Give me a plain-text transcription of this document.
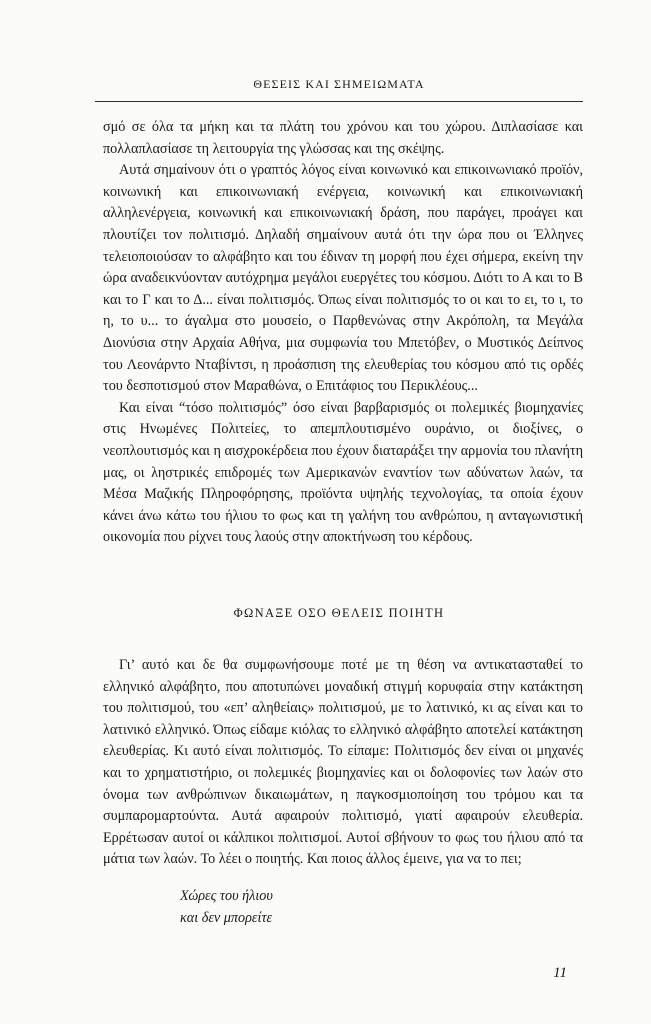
ΘΕΣΕΙΣ ΚΑΙ ΣΗΜΕΙΩΜΑΤΑ

σμό σε όλα τα μήκη και τα πλάτη του χρόνου και του χώρου. Διπλασίασε και πολλαπλασίασε τη λειτουργία της γλώσσας και της σκέψης.

Αυτά σημαίνουν ότι ο γραπτός λόγος είναι κοινωνικό και επικοινωνιακό προϊόν, κοινωνική και επικοινωνιακή ενέργεια, κοινωνική και επικοινωνιακή αλληλενέργεια, κοινωνική και επικοινωνιακή δράση, που παράγει, προάγει και πλουτίζει τον πολιτισμό. Δηλαδή σημαίνουν αυτά ότι την ώρα που οι Έλληνες τελειοποιούσαν το αλφάβητο και του έδιναν τη μορφή που έχει σήμερα, εκείνη την ώρα αναδεικνύονταν αυτόχρημα μεγάλοι ευεργέτες του κόσμου. Διότι το Α και το Β και το Γ και το Δ... είναι πολιτισμός. Όπως είναι πολιτισμός το οι και το ει, το ι, το η, το υ... το άγαλμα στο μουσείο, ο Παρθενώνας στην Ακρόπολη, τα Μεγάλα Διονύσια στην Αρχαία Αθήνα, μια συμφωνία του Μπετόβεν, ο Μυστικός Δείπνος του Λεονάρντο Νταβίντσι, η προάσπιση της ελευθερίας του κόσμου από τις ορδές του δεσποτισμού στον Μαραθώνα, ο Επιτάφιος του Περικλέους...

Και είναι “τόσο πολιτισμός” όσο είναι βαρβαρισμός οι πολεμικές βιομηχανίες στις Ηνωμένες Πολιτείες, το απεμπλουτισμένο ουράνιο, οι διοξίνες, ο νεοπλουτισμός και η αισχροκέρδεια που έχουν διαταράξει την αρμονία του πλανήτη μας, οι ληστρικές επιδρομές των Αμερικανών εναντίον των αδύνατων λαών, τα Μέσα Μαζικής Πληροφόρησης, προϊόντα υψηλής τεχνολογίας, τα οποία έχουν κάνει άνω κάτω του ήλιου το φως και τη γαλήνη του ανθρώπου, η ανταγωνιστική οικονομία που ρίχνει τους λαούς στην αποκτήνωση του κέρδους.

ΦΩΝΑΞΕ ΟΣΟ ΘΕΛΕΙΣ ΠΟΙΗΤΗ

Γι’ αυτό και δε θα συμφωνήσουμε ποτέ με τη θέση να αντικατασταθεί το ελληνικό αλφάβητο, που αποτυπώνει μοναδική στιγμή κορυφαία στην κατάκτηση του πολιτισμού, του «επ’ αληθείαις» πολιτισμού, με το λατινικό, κι ας είναι και το λατινικό ελληνικό. Όπως είδαμε κιόλας το ελληνικό αλφάβητο αποτελεί κατάκτηση ελευθερίας. Κι αυτό είναι πολιτισμός. Το είπαμε: Πολιτισμός δεν είναι οι μηχανές και το χρηματιστήριο, οι πολεμικές βιομηχανίες και οι δολοφονίες των λαών στο όνομα των ανθρώπινων δικαιωμάτων, η παγκοσμιοποίηση του τρόμου και τα συμπαρομαρτούντα. Αυτά αφαιρούν πολιτισμό, γιατί αφαιρούν ελευθερία. Ερρέτωσαν αυτοί οι κάλπικοι πολιτισμοί. Αυτοί σβήνουν το φως του ήλιου από τα μάτια των λαών. Το λέει ο ποιητής. Και ποιος άλλος έμεινε, για να το πει;

Χώρες του ήλιου
και δεν μπορείτε
11
